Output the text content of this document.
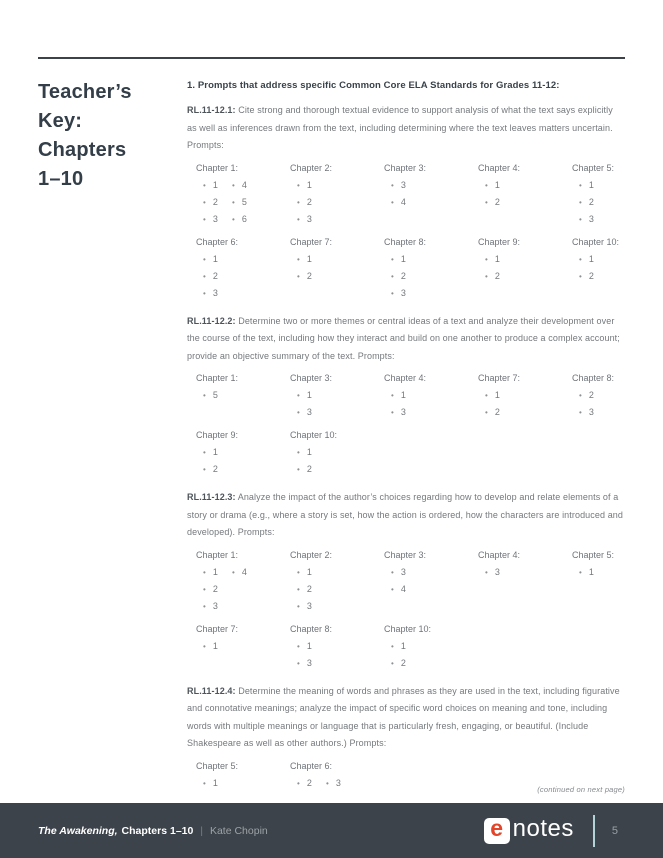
Teacher’s
Key:
Chapters
1–10
1. Prompts that address specific Common Core ELA Standards for Grades 11-12:

RL.11-12.1: Cite strong and thorough textual evidence to support analysis of what the text says explicitly as well as inferences drawn from the text, including determining where the text leaves matters uncertain. Prompts:

Chapter 1:
• 1
• 2
• 3
• 4
• 5
• 6
Chapter 2:
• 1
• 2
• 3
Chapter 3:
• 3
• 4
Chapter 4:
• 1
• 2
Chapter 5:
• 1
• 2
• 3
Chapter 6:
• 1
• 2
• 3
Chapter 7:
• 1
• 2
Chapter 8:
• 1
• 2
• 3
Chapter 9:
• 1
• 2
Chapter 10:
• 1
• 2

RL.11-12.2: Determine two or more themes or central ideas of a text and analyze their development over the course of the text, including how they interact and build on one another to produce a complex account; provide an objective summary of the text. Prompts:

Chapter 1:
• 5
Chapter 3:
• 1
• 3
Chapter 4:
• 1
• 3
Chapter 7:
• 1
• 2
Chapter 8:
• 2
• 3
Chapter 9:
• 1
• 2
Chapter 10:
• 1
• 2

RL.11-12.3: Analyze the impact of the author’s choices regarding how to develop and relate elements of a story or drama (e.g., where a story is set, how the action is ordered, how the characters are introduced and developed). Prompts:

Chapter 1:
• 1
• 2
• 3
• 4
Chapter 2:
• 1
• 2
• 3
Chapter 3:
• 3
• 4
Chapter 4:
• 3
Chapter 5:
• 1
Chapter 7:
• 1
Chapter 8:
• 1
• 3
Chapter 10:
• 1
• 2

RL.11-12.4: Determine the meaning of words and phrases as they are used in the text, including figurative and connotative meanings; analyze the impact of specific word choices on meaning and tone, including words with multiple meanings or language that is particularly fresh, engaging, or beautiful. (Include Shakespeare as well as other authors.) Prompts:

Chapter 5:
• 1
Chapter 6:
• 2 • 3
(continued on next page)
The Awakening, Chapters 1–10 | Kate Chopin	e notes	5
